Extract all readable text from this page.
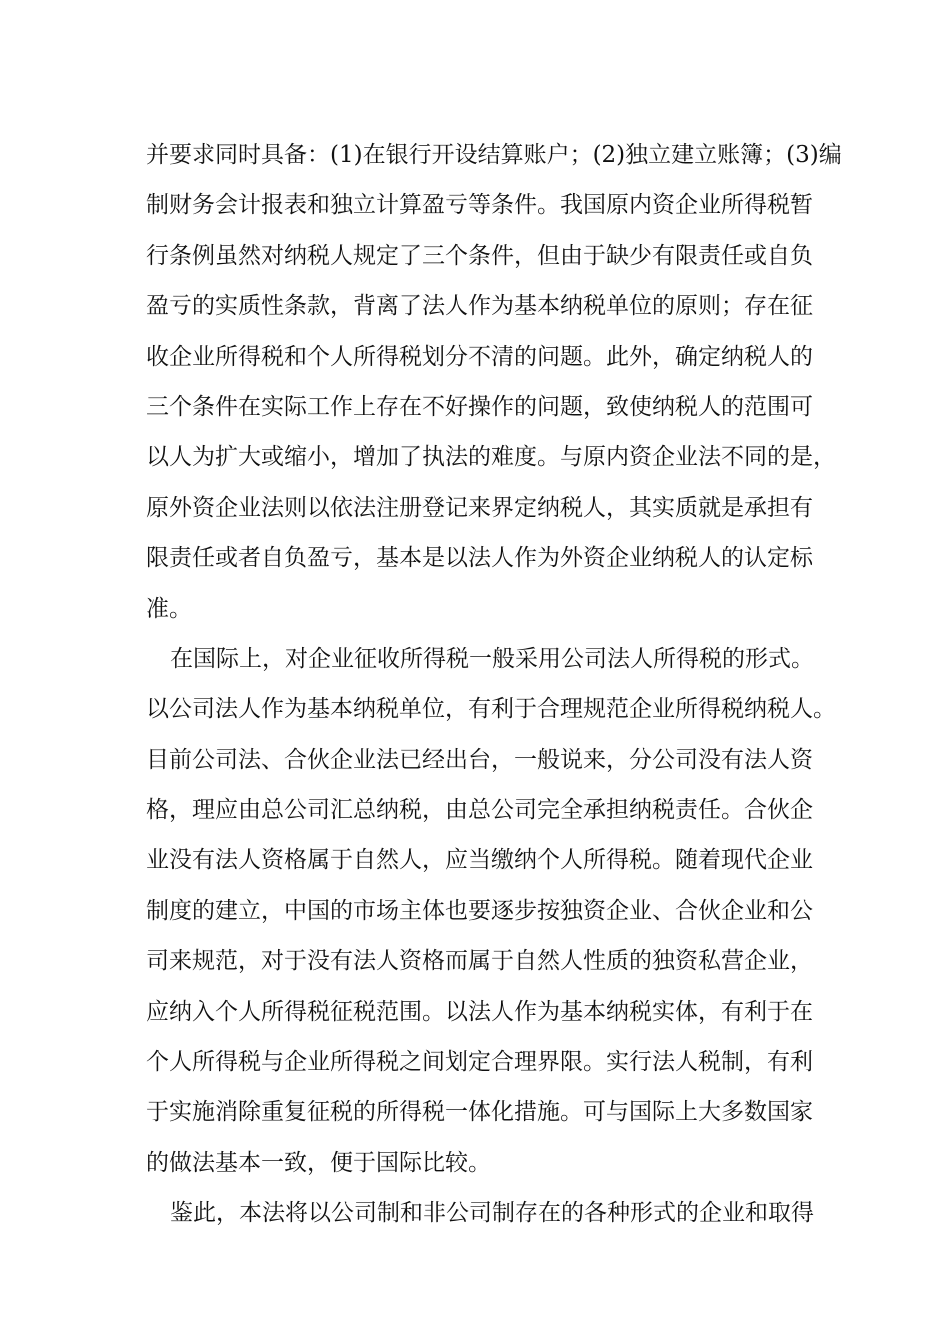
并要求同时具备：(1)在银行开设结算账户；(2)独立建立账簿；(3)编
制财务会计报表和独立计算盈亏等条件。我国原内资企业所得税暂
行条例虽然对纳税人规定了三个条件，但由于缺少有限责任或自负
盈亏的实质性条款，背离了法人作为基本纳税单位的原则；存在征
收企业所得税和个人所得税划分不清的问题。此外，确定纳税人的
三个条件在实际工作上存在不好操作的问题，致使纳税人的范围可
以人为扩大或缩小，增加了执法的难度。与原内资企业法不同的是，
原外资企业法则以依法注册登记来界定纳税人，其实质就是承担有
限责任或者自负盈亏，基本是以法人作为外资企业纳税人的认定标
准。

在国际上，对企业征收所得税一般采用公司法人所得税的形式。
以公司法人作为基本纳税单位，有利于合理规范企业所得税纳税人。
目前公司法、合伙企业法已经出台，一般说来，分公司没有法人资
格，理应由总公司汇总纳税，由总公司完全承担纳税责任。合伙企
业没有法人资格属于自然人，应当缴纳个人所得税。随着现代企业
制度的建立，中国的市场主体也要逐步按独资企业、合伙企业和公
司来规范，对于没有法人资格而属于自然人性质的独资私营企业，
应纳入个人所得税征税范围。以法人作为基本纳税实体，有利于在
个人所得税与企业所得税之间划定合理界限。实行法人税制，有利
于实施消除重复征税的所得税一体化措施。可与国际上大多数国家
的做法基本一致，便于国际比较。

鉴此，本法将以公司制和非公司制存在的各种形式的企业和取得
